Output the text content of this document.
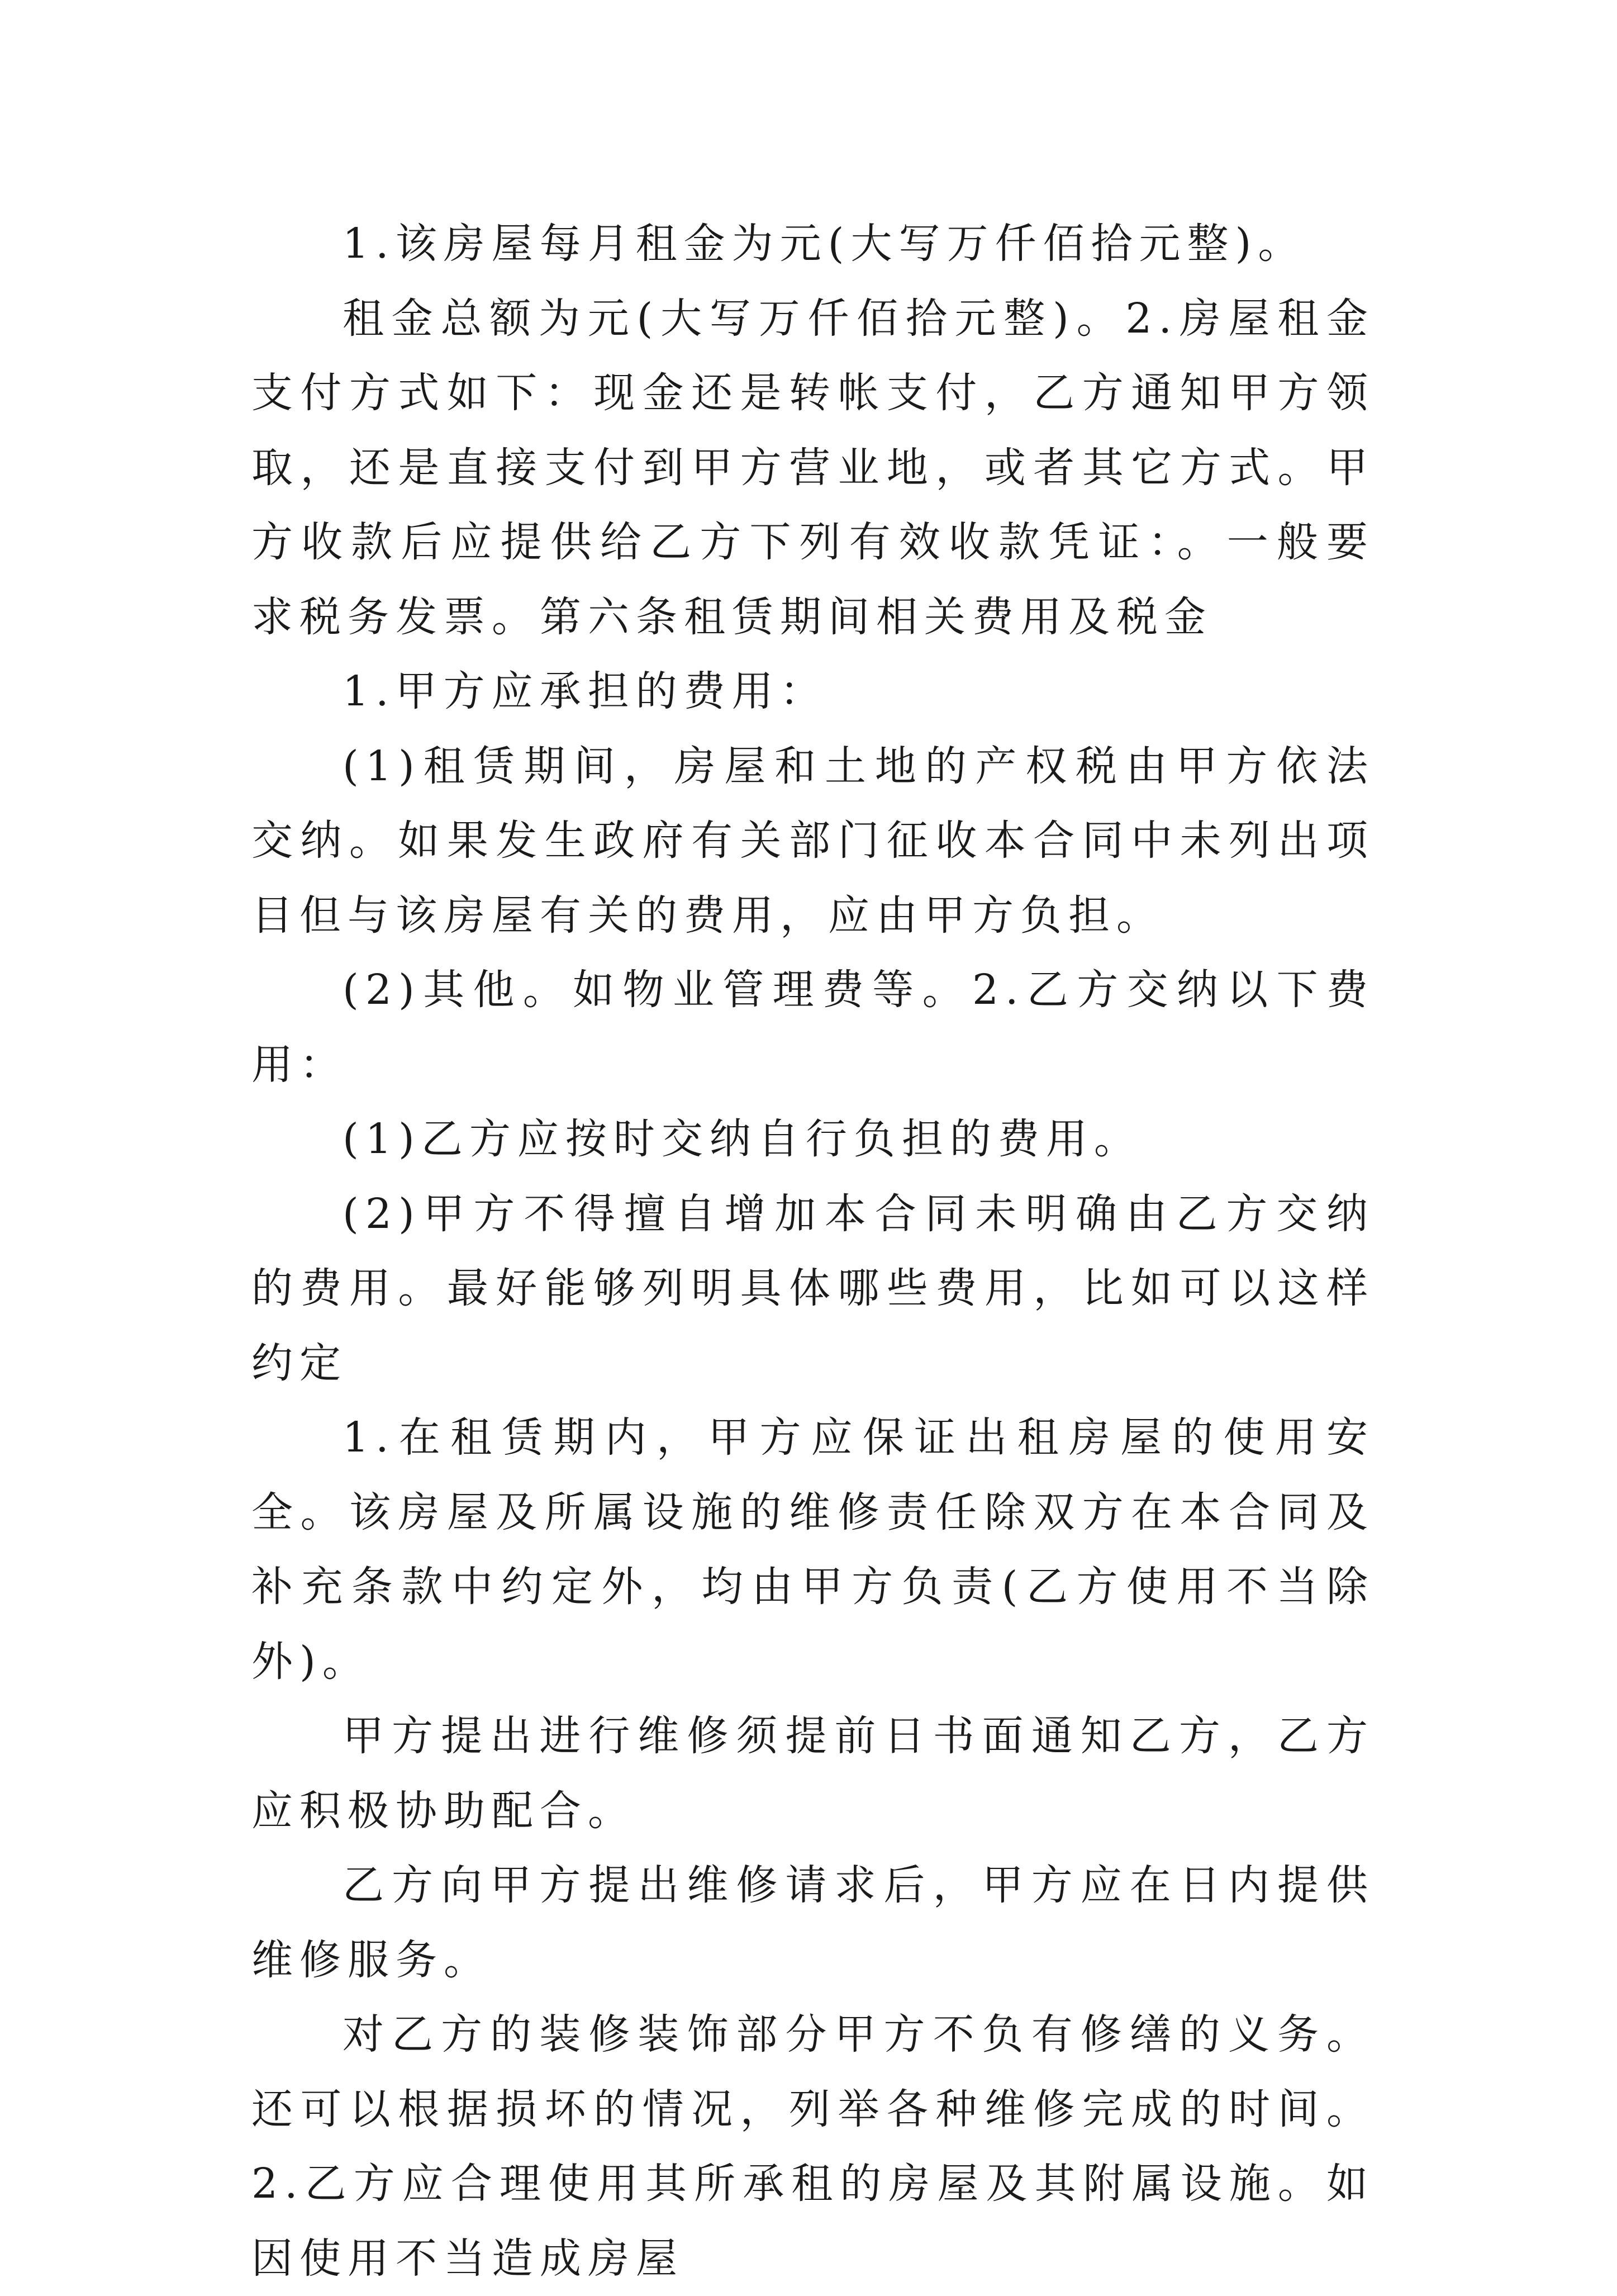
1.该房屋每月租金为元(大写万仟佰拾元整)。

租金总额为元(大写万仟佰拾元整)。2.房屋租金支付方式如下：现金还是转帐支付，乙方通知甲方领取，还是直接支付到甲方营业地，或者其它方式。甲方收款后应提供给乙方下列有效收款凭证：。一般要求税务发票。第六条租赁期间相关费用及税金

1.甲方应承担的费用：

(1)租赁期间，房屋和土地的产权税由甲方依法交纳。如果发生政府有关部门征收本合同中未列出项目但与该房屋有关的费用，应由甲方负担。

(2)其他。如物业管理费等。2.乙方交纳以下费用：

(1)乙方应按时交纳自行负担的费用。

(2)甲方不得擅自增加本合同未明确由乙方交纳的费用。最好能够列明具体哪些费用，比如可以这样约定

1.在租赁期内，甲方应保证出租房屋的使用安全。该房屋及所属设施的维修责任除双方在本合同及补充条款中约定外，均由甲方负责(乙方使用不当除外)。

甲方提出进行维修须提前日书面通知乙方，乙方应积极协助配合。

乙方向甲方提出维修请求后，甲方应在日内提供维修服务。

对乙方的装修装饰部分甲方不负有修缮的义务。还可以根据损坏的情况，列举各种维修完成的时间。2.乙方应合理使用其所承租的房屋及其附属设施。如因使用不当造成房屋
